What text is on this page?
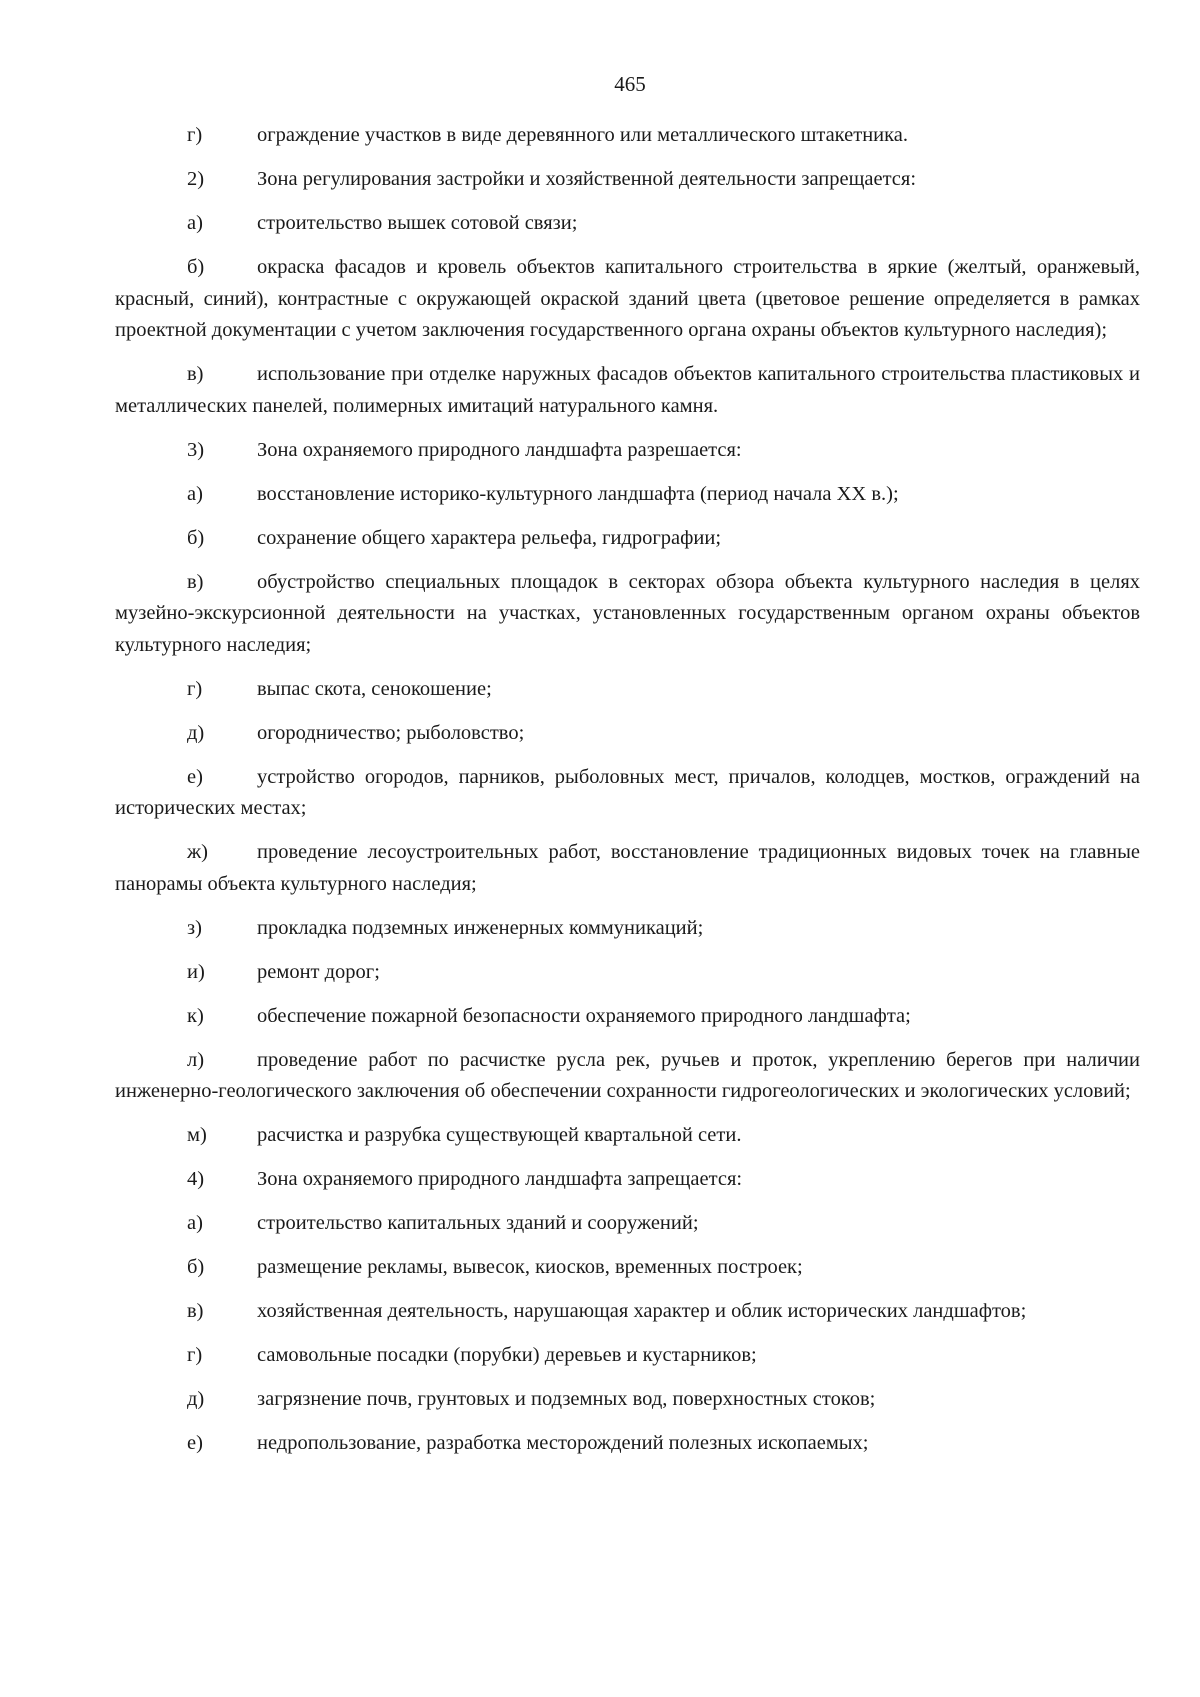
465

г)	ограждение участков в виде деревянного или металлического штакетника.

2)	Зона регулирования застройки и хозяйственной деятельности запрещается:

а)	строительство вышек сотовой связи;

б)	окраска фасадов и кровель объектов капитального строительства в яркие (желтый, оранжевый, красный, синий), контрастные с окружающей окраской зданий цвета (цветовое решение определяется в рамках проектной документации с учетом заключения государственного органа охраны объектов культурного наследия);

в)	использование при отделке наружных фасадов объектов капитального строительства пластиковых и металлических панелей, полимерных имитаций натурального камня.

3)	Зона охраняемого природного ландшафта разрешается:

а)	восстановление историко-культурного ландшафта (период начала XX в.);

б)	сохранение общего характера рельефа, гидрографии;

в)	обустройство специальных площадок в секторах обзора объекта культурного наследия в целях музейно-экскурсионной деятельности на участках, установленных государственным органом охраны объектов культурного наследия;

г)	выпас скота, сенокошение;

д)	огородничество; рыболовство;

е)	устройство огородов, парников, рыболовных мест, причалов, колодцев, мостков, ограждений на исторических местах;

ж) проведение лесоустроительных работ, восстановление традиционных видовых точек на главные панорамы объекта культурного наследия;

з)	прокладка подземных инженерных коммуникаций;

и)	ремонт дорог;

к)	обеспечение пожарной безопасности охраняемого природного ландшафта;

л)	проведение работ по расчистке русла рек, ручьев и проток, укреплению берегов при наличии инженерно-геологического заключения об обеспечении сохранности гидрогеологических и экологических условий;

м) расчистка и разрубка существующей квартальной сети.

4)	Зона охраняемого природного ландшафта запрещается:

а)	строительство капитальных зданий и сооружений;

б)	размещение рекламы, вывесок, киосков, временных построек;

в)	хозяйственная деятельность, нарушающая характер и облик исторических ландшафтов;

г)	самовольные посадки (порубки) деревьев и кустарников;

д)	загрязнение почв, грунтовых и подземных вод, поверхностных стоков;

е)	недропользование, разработка месторождений полезных ископаемых;
